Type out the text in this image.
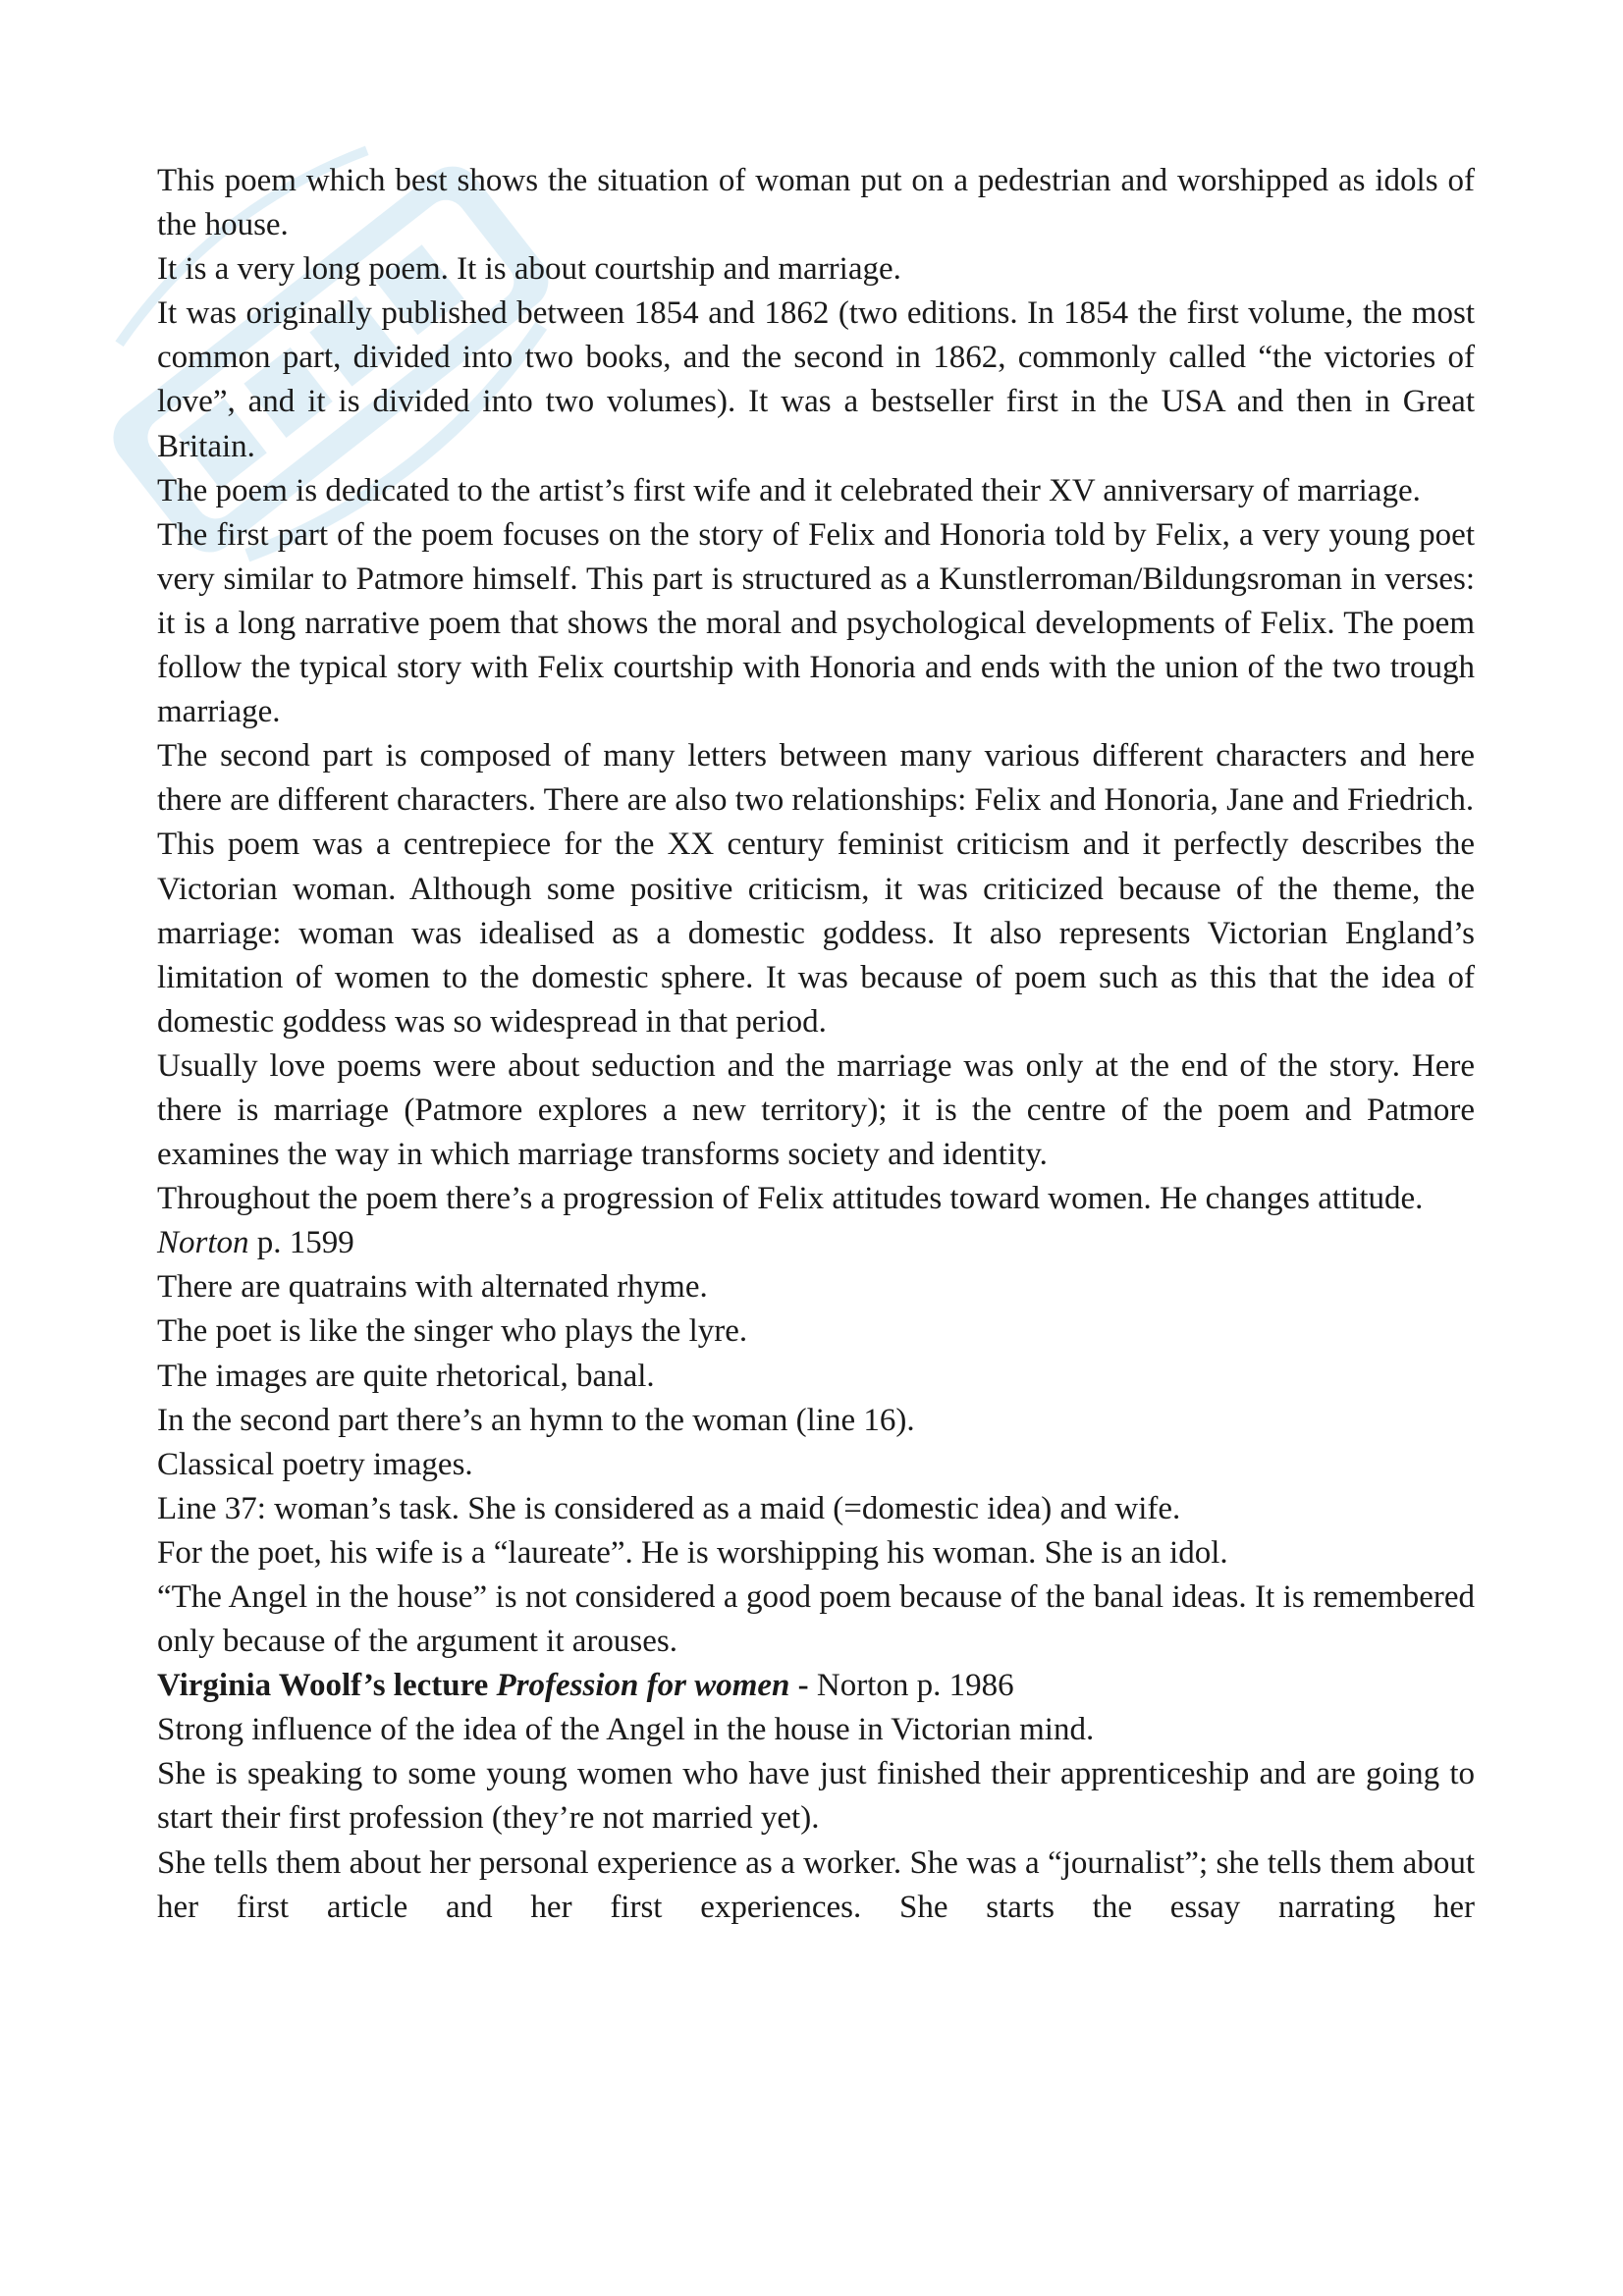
This poem which best shows the situation of woman put on a pedestrian and worshipped as idols of the house.

It is a very long poem. It is about courtship and marriage.

It was originally published between 1854 and 1862 (two editions. In 1854 the first volume, the most common part, divided into two books, and the second in 1862, commonly called “the victories of love”, and it is divided into two volumes). It was a bestseller first in the USA and then in Great Britain.

The poem is dedicated to the artist’s first wife and it celebrated their XV anniversary of marriage.

The first part of the poem focuses on the story of Felix and Honoria told by Felix, a very young poet very similar to Patmore himself. This part is structured as a Kunstlerroman/Bildungsroman in verses: it is a long narrative poem that shows the moral and psychological developments of Felix. The poem follow the typical story with Felix courtship with Honoria and ends with the union of the two trough marriage.

The second part is composed of many letters between many various different characters and here there are different characters. There are also two relationships: Felix and Honoria, Jane and Friedrich.

This poem was a centrepiece for the XX century feminist criticism and it perfectly describes the Victorian woman. Although some positive criticism, it was criticized because of the theme, the marriage: woman was idealised as a domestic goddess. It also represents Victorian England’s limitation of women to the domestic sphere. It was because of poem such as this that the idea of domestic goddess was so widespread in that period.

Usually love poems were about seduction and the marriage was only at the end of the story. Here there is marriage (Patmore explores a new territory); it is the centre of the poem and Patmore examines the way in which marriage transforms society and identity.

Throughout the poem there’s a progression of Felix attitudes toward women. He changes attitude.

Norton p. 1599

There are quatrains with alternated rhyme.

The poet is like the singer who plays the lyre.

The images are quite rhetorical, banal.

In the second part there’s an hymn to the woman (line 16).

Classical poetry images.

Line 37: woman’s task. She is considered as a maid (=domestic idea) and wife.

For the poet, his wife is a “laureate”. He is worshipping his woman. She is an idol.

“The Angel in the house” is not considered a good poem because of the banal ideas. It is remembered only because of the argument it arouses.

Virginia Woolf’s lecture Profession for women - Norton p. 1986

Strong influence of the idea of the Angel in the house in Victorian mind.

She is speaking to some young women who have just finished their apprenticeship and are going to start their first profession (they’re not married yet).

She tells them about her personal experience as a worker. She was a “journalist”; she tells them about her first article and her first experiences. She starts the essay narrating her
